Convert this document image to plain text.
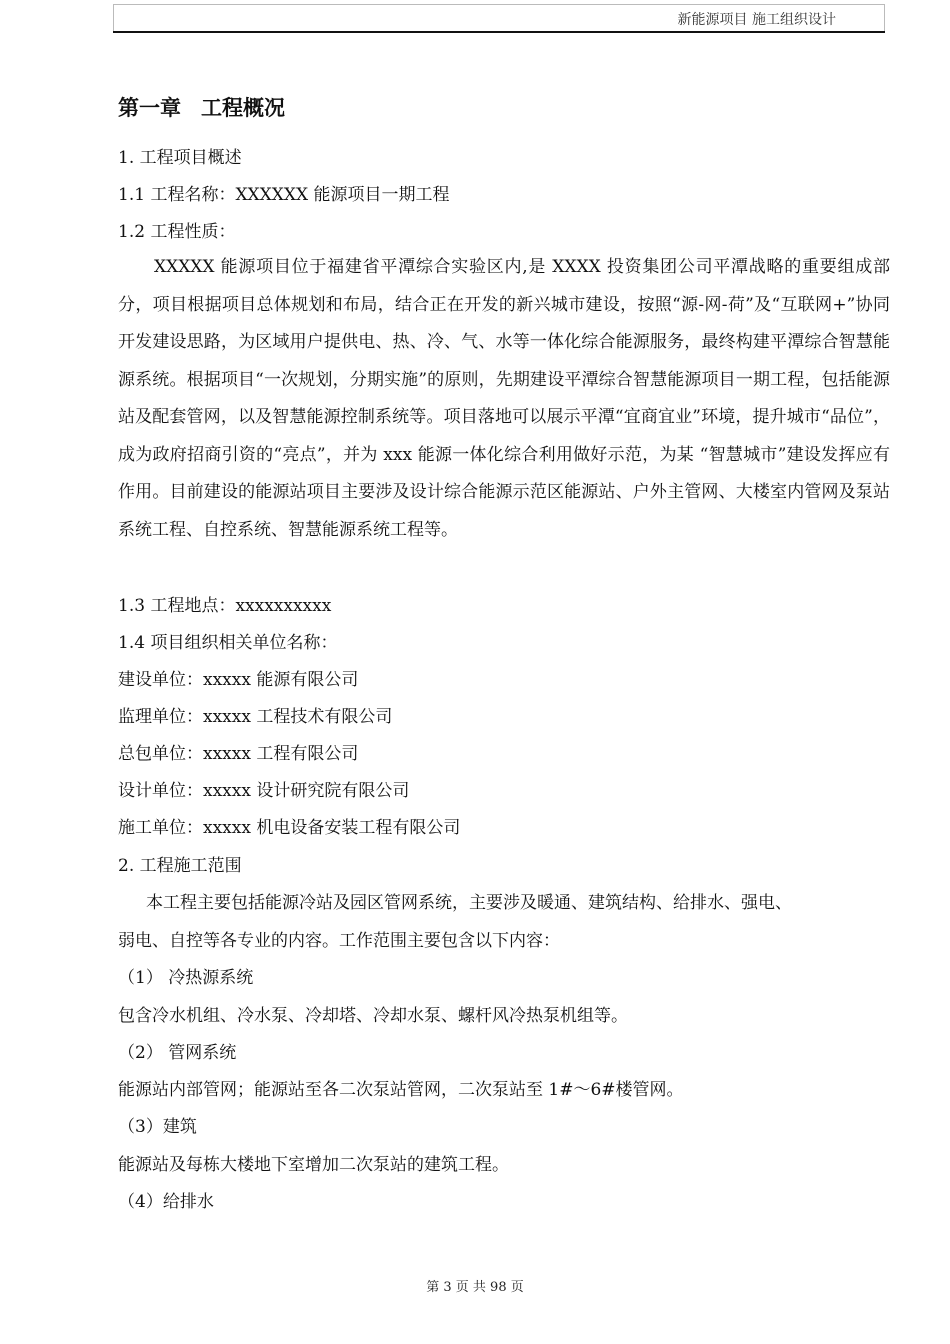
新能源项目 施工组织设计
第一章 工程概况
1. 工程项目概述
1.1 工程名称：XXXXXX 能源项目一期工程
1.2 工程性质：

XXXXX 能源项目位于福建省平潭综合实验区内,是 XXXX 投资集团公司平潭战略的重要组成部分，项目根据项目总体规划和布局，结合正在开发的新兴城市建设，按照“源-网-荷”及“互联网+”协同开发建设思路，为区域用户提供电、热、冷、气、水等一体化综合能源服务，最终构建平潭综合智慧能源系统。根据项目“一次规划，分期实施”的原则，先期建设平潭综合智慧能源项目一期工程，包括能源站及配套管网，以及智慧能源控制系统等。项目落地可以展示平潭“宜商宜业”环境，提升城市“品位”，成为政府招商引资的“亮点”，并为 xxx 能源一体化综合利用做好示范，为某 “智慧城市”建设发挥应有作用。目前建设的能源站项目主要涉及设计综合能源示范区能源站、户外主管网、大楼室内管网及泵站系统工程、自控系统、智慧能源系统工程等。

1.3 工程地点：xxxxxxxxxx
1.4 项目组织相关单位名称：
建设单位：xxxxx 能源有限公司
监理单位：xxxxx 工程技术有限公司
总包单位：xxxxx 工程有限公司
设计单位：xxxxx 设计研究院有限公司
施工单位：xxxxx 机电设备安装工程有限公司
2. 工程施工范围
本工程主要包括能源冷站及园区管网系统，主要涉及暖通、建筑结构、给排水、强电、
弱电、自控等各专业的内容。工作范围主要包含以下内容：
（1） 冷热源系统
包含冷水机组、冷水泵、冷却塔、冷却水泵、螺杆风冷热泵机组等。
（2） 管网系统
能源站内部管网；能源站至各二次泵站管网，二次泵站至 1#～6#楼管网。
（3）建筑
能源站及每栋大楼地下室增加二次泵站的建筑工程。
（4）给排水
第 3 页 共 98 页
